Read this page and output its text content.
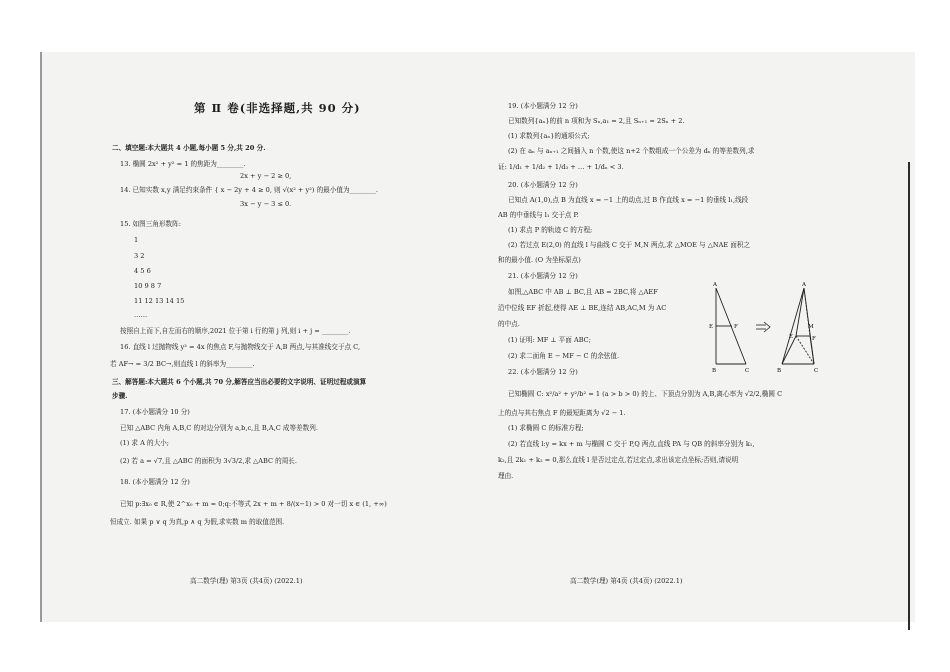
第 Ⅱ 卷(非选择题,共 90 分)
二、填空题:本大题共 4 小题,每小题 5 分,共 20 分.
13. 椭圆 2x² + y² = 1 的焦距为________.
2x + y − 2 ≥ 0,
14. 已知实数 x,y 满足约束条件 { x − 2y + 4 ≥ 0, 则 √(x² + y²) 的最小值为________.
3x − y − 3 ≤ 0.
15. 如图三角形数阵:
1
3 2
4 5 6
10 9 8 7
11 12 13 14 15
……
按照自上而下,自左而右的顺序,2021 位于第 i 行的第 j 列,则 i + j = ________.
16. 直线 l 过抛物线 y² = 4x 的焦点 F,与抛物线交于 A,B 两点,与其准线交于点 C,
若 AF→ = 3/2 BC→,则直线 l 的斜率为________.
三、解答题:本大题共 6 个小题,共 70 分,解答应当出必要的文字说明、证明过程或演算
步骤.
17. (本小题满分 10 分)
已知 △ABC 内角 A,B,C 的对边分别为 a,b,c,且 B,A,C 成等差数列.
(1) 求 A 的大小;
(2) 若 a = √7,且 △ABC 的面积为 3√3/2,求 △ABC 的周长.
18. (本小题满分 12 分)
已知 p:∃x₀ ∈ R,使 2^x₀ + m = 0;q:不等式 2x + m + 8/(x−1) > 0 对一切 x ∈ (1, +∞)
恒成立. 如果 p ∨ q 为真,p ∧ q 为假,求实数 m 的取值范围.
19. (本小题满分 12 分)
已知数列{aₙ}的前 n 项和为 Sₙ,a₁ = 2,且 Sₙ₊₁ = 2Sₙ + 2.
(1) 求数列{aₙ}的通项公式;
(2) 在 aₙ 与 aₙ₊₁ 之间插入 n 个数,使这 n+2 个数组成一个公差为 dₙ 的等差数列,求
证: 1/d₁ + 1/d₂ + 1/d₃ + … + 1/dₙ < 3.
20. (本小题满分 12 分)
已知点 A(1,0),点 B 为直线 x = −1 上的动点,过 B 作直线 x = −1 的垂线 l₁,线段
AB 的中垂线与 l₁ 交于点 P.
(1) 求点 P 的轨迹 C 的方程;
(2) 若过点 E(2,0) 的直线 l 与曲线 C 交于 M,N 两点,求 △MOE 与 △NAE 面积之
和的最小值. (O 为坐标原点)
21. (本小题满分 12 分)
如图,△ABC 中 AB ⊥ BC,且 AB = 2BC,将 △AEF
沿中位线 EF 折起,使得 AE ⊥ BE,连结 AB,AC,M 为 AC
的中点.
(1) 证明: MF ⊥ 平面 ABC;
(2) 求二面角 E − MF − C 的余弦值.
22. (本小题满分 12 分)
已知椭圆 C: x²/a² + y²/b² = 1 (a > b > 0) 的上、下顶点分别为 A,B,离心率为 √2/2,椭圆 C
上的点与其右焦点 F 的最短距离为 √2 − 1.
(1) 求椭圆 C 的标准方程;
(2) 若直线 l:y = kx + m 与椭圆 C 交于 P,Q 两点,直线 PA 与 QB 的斜率分别为 k₁,
k₂,且 2k₁ + k₂ = 0,那么直线 l 是否过定点,若过定点,求出该定点坐标;否则,请说明
理由.
A
E	F
B	C
A
M
E	F
B	C
高二数学(理) 第3页 (共4页) (2022.1)	高二数学(理) 第4页 (共4页) (2022.1)
